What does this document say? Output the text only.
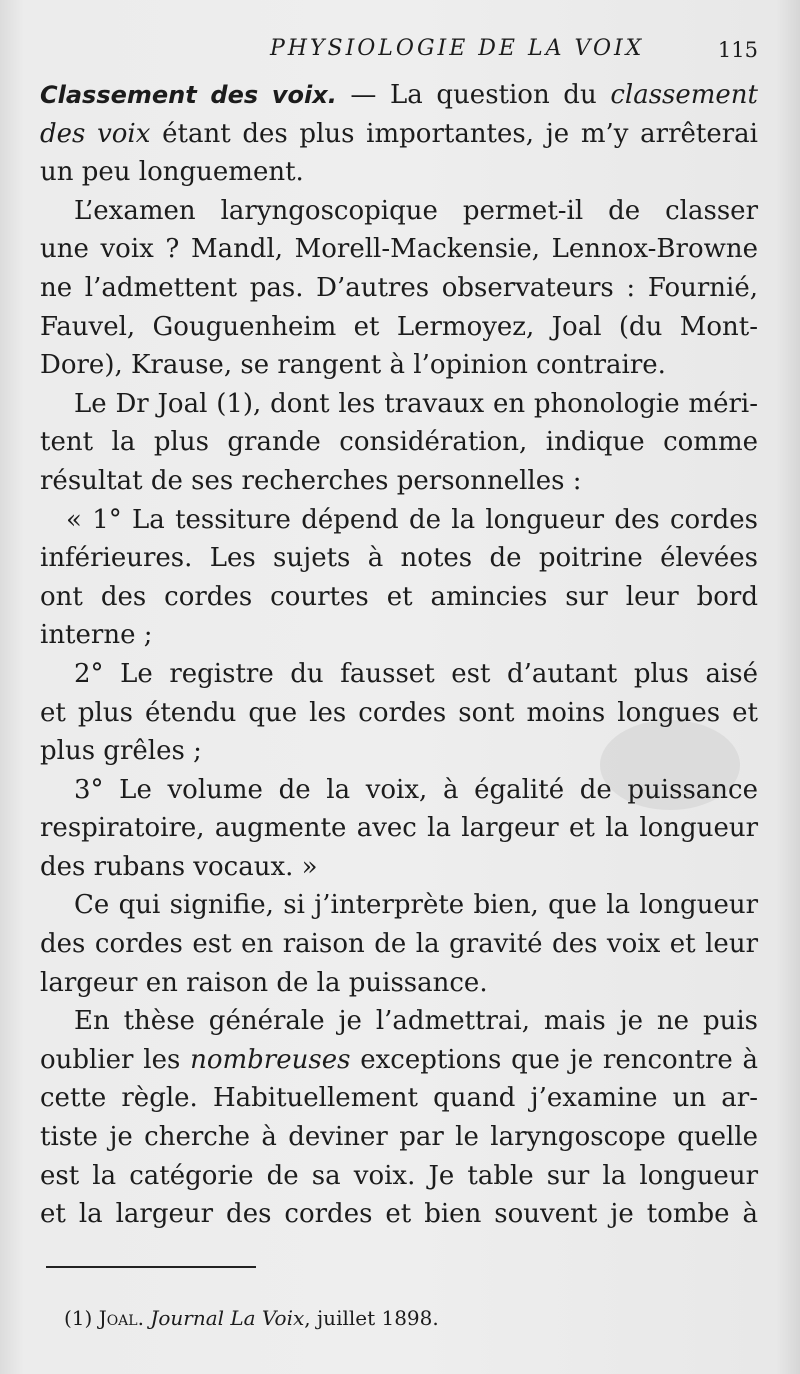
PHYSIOLOGIE DE LA VOIX	115
Classement des voix. — La question du classement
des voix étant des plus importantes, je m’y arrêterai
un peu longuement.
L’examen laryngoscopique permet-il de classer
une voix ? Mandl, Morell-Mackensie, Lennox-Browne
ne l’admettent pas. D’autres observateurs : Fournié,
Fauvel, Gouguenheim et Lermoyez, Joal (du Mont-
Dore), Krause, se rangent à l’opinion contraire.
Le Dr Joal (1), dont les travaux en phonologie méri-
tent la plus grande considération, indique comme
résultat de ses recherches personnelles :
« 1° La tessiture dépend de la longueur des cordes
inférieures. Les sujets à notes de poitrine élevées
ont des cordes courtes et amincies sur leur bord
interne ;
2° Le registre du fausset est d’autant plus aisé
et plus étendu que les cordes sont moins longues et
plus grêles ;
3° Le volume de la voix, à égalité de puissance
respiratoire, augmente avec la largeur et la longueur
des rubans vocaux. »
Ce qui signifie, si j’interprète bien, que la longueur
des cordes est en raison de la gravité des voix et leur
largeur en raison de la puissance.
En thèse générale je l’admettrai, mais je ne puis
oublier les nombreuses exceptions que je rencontre à
cette règle. Habituellement quand j’examine un ar-
tiste je cherche à deviner par le laryngoscope quelle
est la catégorie de sa voix. Je table sur la longueur
et la largeur des cordes et bien souvent je tombe à
(1) Joal. Journal La Voix, juillet 1898.
